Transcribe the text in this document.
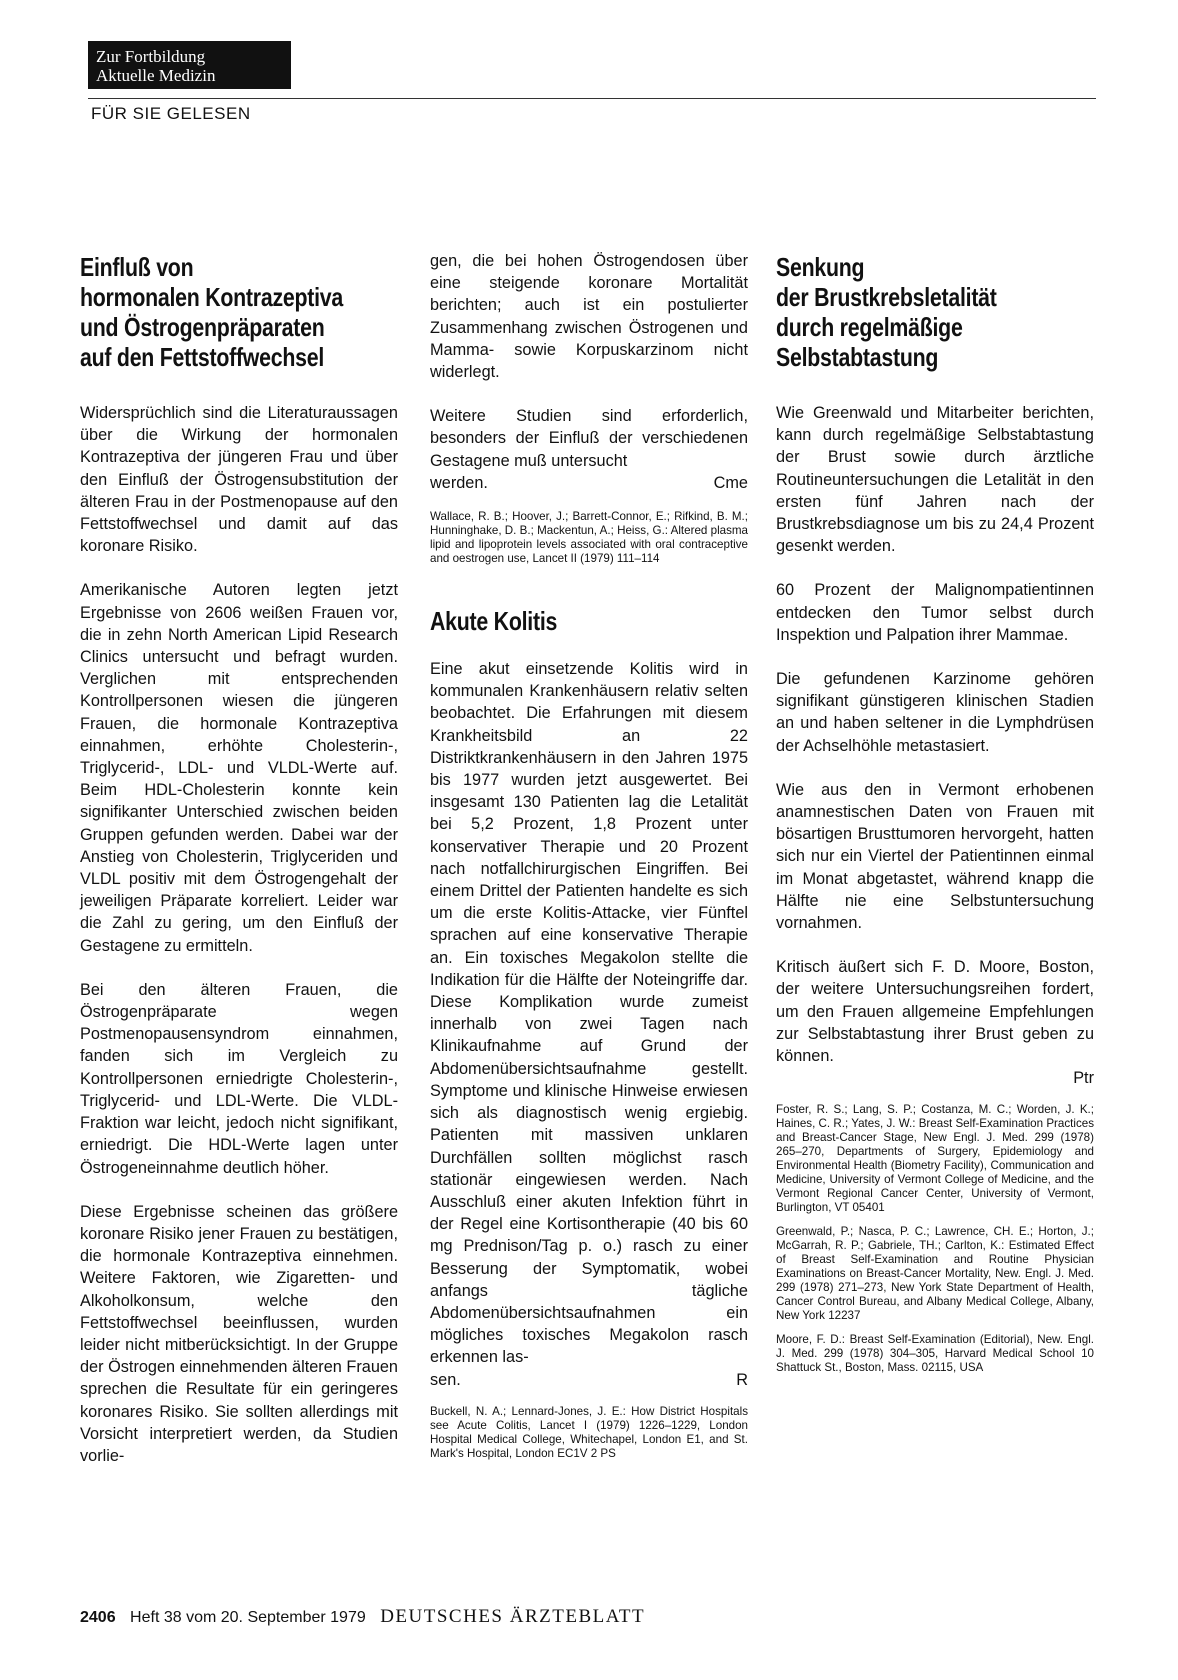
Zur Fortbildung
Aktuelle Medizin
FÜR SIE GELESEN
Einfluß von
hormonalen Kontrazeptiva
und Östrogenpräparaten
auf den Fettstoffwechsel

Widersprüchlich sind die Literaturaussagen über die Wirkung der hormonalen Kontrazeptiva der jüngeren Frau und über den Einfluß der Östrogensubstitution der älteren Frau in der Postmenopause auf den Fettstoffwechsel und damit auf das koronare Risiko.

Amerikanische Autoren legten jetzt Ergebnisse von 2606 weißen Frauen vor, die in zehn North American Lipid Research Clinics untersucht und befragt wurden. Verglichen mit entsprechenden Kontrollpersonen wiesen die jüngeren Frauen, die hormonale Kontrazeptiva einnahmen, erhöhte Cholesterin-, Triglycerid-, LDL- und VLDL-Werte auf. Beim HDL-Cholesterin konnte kein signifikanter Unterschied zwischen beiden Gruppen gefunden werden. Dabei war der Anstieg von Cholesterin, Triglyceriden und VLDL positiv mit dem Östrogengehalt der jeweiligen Präparate korreliert. Leider war die Zahl zu gering, um den Einfluß der Gestagene zu ermitteln.

Bei den älteren Frauen, die Östrogenpräparate wegen Postmenopausensyndrom einnahmen, fanden sich im Vergleich zu Kontrollpersonen erniedrigte Cholesterin-, Triglycerid- und LDL-Werte. Die VLDL-Fraktion war leicht, jedoch nicht signifikant, erniedrigt. Die HDL-Werte lagen unter Östrogeneinnahme deutlich höher.

Diese Ergebnisse scheinen das größere koronare Risiko jener Frauen zu bestätigen, die hormonale Kontrazeptiva einnehmen. Weitere Faktoren, wie Zigaretten- und Alkoholkonsum, welche den Fettstoffwechsel beeinflussen, wurden leider nicht mitberücksichtigt. In der Gruppe der Östrogen einnehmenden älteren Frauen sprechen die Resultate für ein geringeres koronares Risiko. Sie sollten allerdings mit Vorsicht interpretiert werden, da Studien vorlie-

gen, die bei hohen Östrogendosen über eine steigende koronare Mortalität berichten; auch ist ein postulierter Zusammenhang zwischen Östrogenen und Mamma- sowie Korpuskarzinom nicht widerlegt.

Weitere Studien sind erforderlich, besonders der Einfluß der verschiedenen Gestagene muß untersucht
werden.	Cme

Wallace, R. B.; Hoover, J.; Barrett-Connor, E.; Rifkind, B. M.; Hunninghake, D. B.; Mackentun, A.; Heiss, G.: Altered plasma lipid and lipoprotein levels associated with oral contraceptive and oestrogen use, Lancet II (1979) 111–114

Akute Kolitis

Eine akut einsetzende Kolitis wird in kommunalen Krankenhäusern relativ selten beobachtet. Die Erfahrungen mit diesem Krankheitsbild an 22 Distriktkrankenhäusern in den Jahren 1975 bis 1977 wurden jetzt ausgewertet. Bei insgesamt 130 Patienten lag die Letalität bei 5,2 Prozent, 1,8 Prozent unter konservativer Therapie und 20 Prozent nach notfallchirurgischen Eingriffen. Bei einem Drittel der Patienten handelte es sich um die erste Kolitis-Attacke, vier Fünftel sprachen auf eine konservative Therapie an. Ein toxisches Megakolon stellte die Indikation für die Hälfte der Noteingriffe dar. Diese Komplikation wurde zumeist innerhalb von zwei Tagen nach Klinikaufnahme auf Grund der Abdomenübersichtsaufnahme gestellt. Symptome und klinische Hinweise erwiesen sich als diagnostisch wenig ergiebig. Patienten mit massiven unklaren Durchfällen sollten möglichst rasch stationär eingewiesen werden. Nach Ausschluß einer akuten Infektion führt in der Regel eine Kortisontherapie (40 bis 60 mg Prednison/Tag p. o.) rasch zu einer Besserung der Symptomatik, wobei anfangs tägliche Abdomenübersichtsaufnahmen ein mögliches toxisches Megakolon rasch erkennen las-
sen.	R

Buckell, N. A.; Lennard-Jones, J. E.: How District Hospitals see Acute Colitis, Lancet I (1979) 1226–1229, London Hospital Medical College, Whitechapel, London E1, and St. Mark's Hospital, London EC1V 2 PS

Senkung
der Brustkrebsletalität
durch regelmäßige
Selbstabtastung

Wie Greenwald und Mitarbeiter berichten, kann durch regelmäßige Selbstabtastung der Brust sowie durch ärztliche Routineuntersuchungen die Letalität in den ersten fünf Jahren nach der Brustkrebsdiagnose um bis zu 24,4 Prozent gesenkt werden.

60 Prozent der Malignompatientinnen entdecken den Tumor selbst durch Inspektion und Palpation ihrer Mammae.

Die gefundenen Karzinome gehören signifikant günstigeren klinischen Stadien an und haben seltener in die Lymphdrüsen der Achselhöhle metastasiert.

Wie aus den in Vermont erhobenen anamnestischen Daten von Frauen mit bösartigen Brusttumoren hervorgeht, hatten sich nur ein Viertel der Patientinnen einmal im Monat abgetastet, während knapp die Hälfte nie eine Selbstuntersuchung vornahmen.

Kritisch äußert sich F. D. Moore, Boston, der weitere Untersuchungsreihen fordert, um den Frauen allgemeine Empfehlungen zur Selbstabtastung ihrer Brust geben zu können.
Ptr

Foster, R. S.; Lang, S. P.; Costanza, M. C.; Worden, J. K.; Haines, C. R.; Yates, J. W.: Breast Self-Examination Practices and Breast-Cancer Stage, New Engl. J. Med. 299 (1978) 265–270, Departments of Surgery, Epidemiology and Environmental Health (Biometry Facility), Communication and Medicine, University of Vermont College of Medicine, and the Vermont Regional Cancer Center, University of Vermont, Burlington, VT 05401

Greenwald, P.; Nasca, P. C.; Lawrence, CH. E.; Horton, J.; McGarrah, R. P.; Gabriele, TH.; Carlton, K.: Estimated Effect of Breast Self-Examination and Routine Physician Examinations on Breast-Cancer Mortality, New. Engl. J. Med. 299 (1978) 271–273, New York State Department of Health, Cancer Control Bureau, and Albany Medical College, Albany, New York 12237

Moore, F. D.: Breast Self-Examination (Editorial), New. Engl. J. Med. 299 (1978) 304–305, Harvard Medical School 10 Shattuck St., Boston, Mass. 02115, USA

2406 Heft 38 vom 20. September 1979 DEUTSCHES ÄRZTEBLATT
